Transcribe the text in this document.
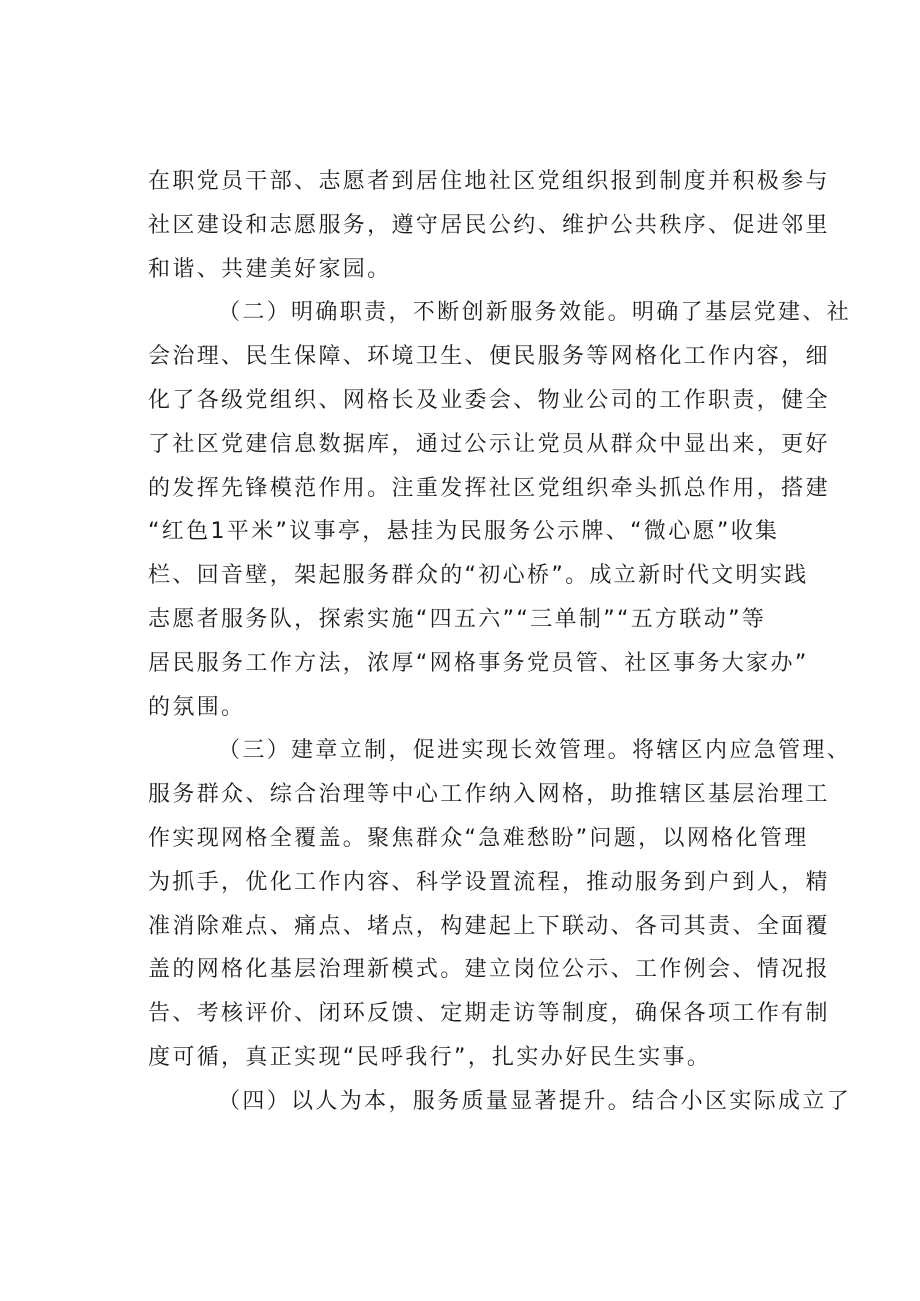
在职党员干部、志愿者到居住地社区党组织报到制度并积极参与
社区建设和志愿服务，遵守居民公约、维护公共秩序、促进邻里
和谐、共建美好家园。

（二）明确职责，不断创新服务效能。明确了基层党建、社
会治理、民生保障、环境卫生、便民服务等网格化工作内容，细
化了各级党组织、网格长及业委会、物业公司的工作职责，健全
了社区党建信息数据库，通过公示让党员从群众中显出来，更好
的发挥先锋模范作用。注重发挥社区党组织牵头抓总作用，搭建
“红色1平米”议事亭，悬挂为民服务公示牌、“微心愿”收集
栏、回音壁，架起服务群众的“初心桥”。成立新时代文明实践
志愿者服务队，探索实施“四五六”“三单制”“五方联动”等
居民服务工作方法，浓厚“网格事务党员管、社区事务大家办”
的氛围。

（三）建章立制，促进实现长效管理。将辖区内应急管理、
服务群众、综合治理等中心工作纳入网格，助推辖区基层治理工
作实现网格全覆盖。聚焦群众“急难愁盼”问题，以网格化管理
为抓手，优化工作内容、科学设置流程，推动服务到户到人，精
准消除难点、痛点、堵点，构建起上下联动、各司其责、全面覆
盖的网格化基层治理新模式。建立岗位公示、工作例会、情况报
告、考核评价、闭环反馈、定期走访等制度，确保各项工作有制
度可循，真正实现“民呼我行”，扎实办好民生实事。

（四）以人为本，服务质量显著提升。结合小区实际成立了
